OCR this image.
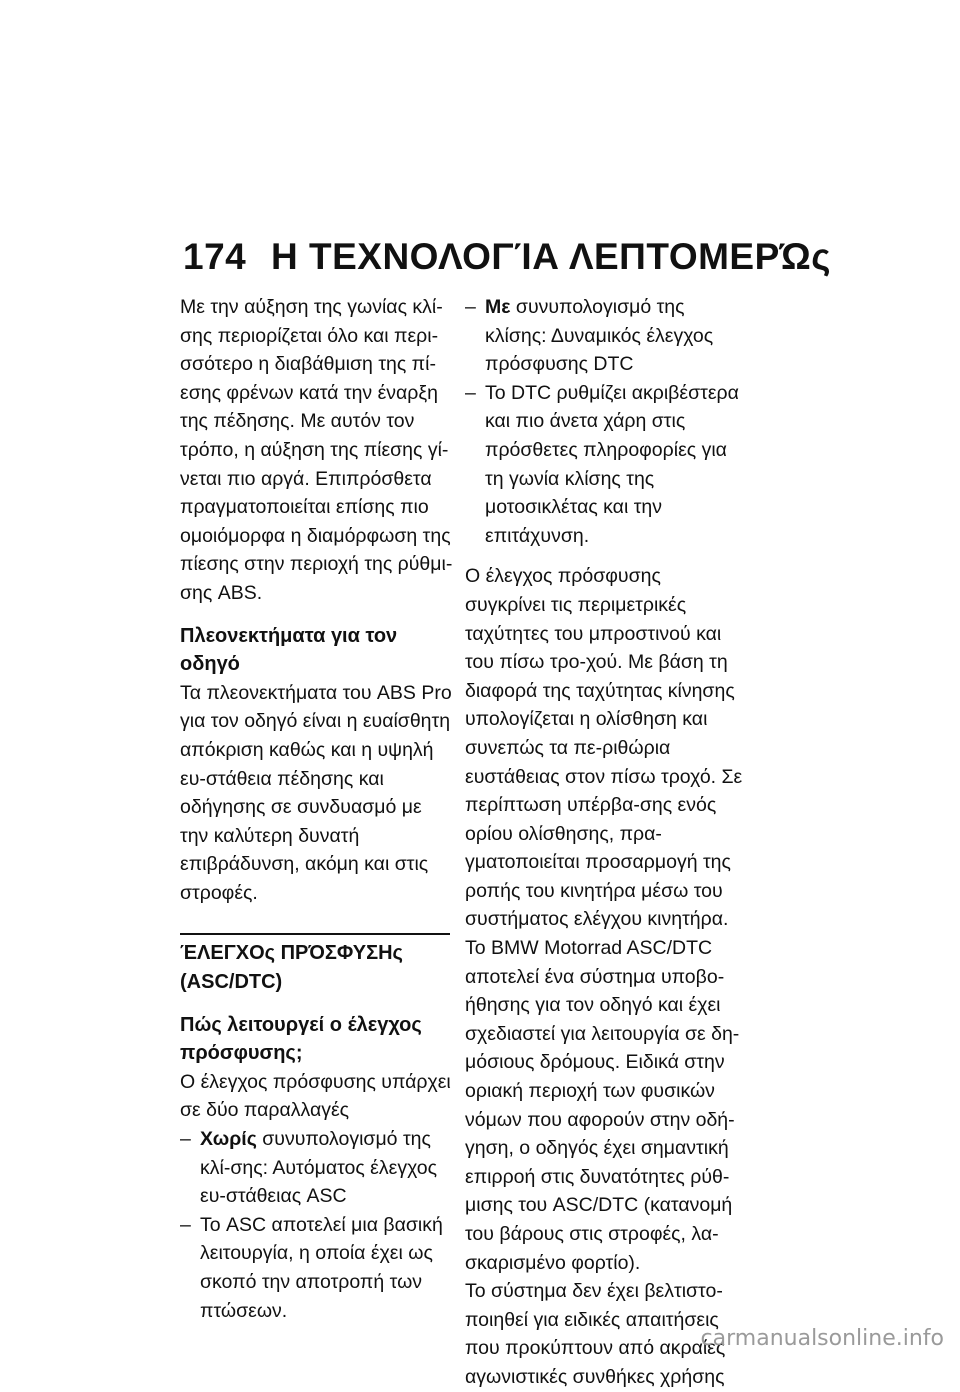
174 Η ΤΕΧΝΟΛΟΓΊΑ ΛΕΠΤΟΜΕΡΏς

Με την αύξηση της γωνίας κλί-σης περιορίζεται όλο και περι-σσότερο η διαβάθμιση της πί-εσης φρένων κατά την έναρξη της πέδησης. Με αυτόν τον τρόπο, η αύξηση της πίεσης γί-νεται πιο αργά. Επιπρόσθετα πραγματοποιείται επίσης πιο ομοιόμορφα η διαμόρφωση της πίεσης στην περιοχή της ρύθμι-σης ABS.

Πλεονεκτήματα για τον οδηγό

Τα πλεονεκτήματα του ABS Pro για τον οδηγό είναι η ευαίσθητη απόκριση καθώς και η υψηλή ευ-στάθεια πέδησης και οδήγησης σε συνδυασμό με την καλύτερη δυνατή επιβράδυνση, ακόμη και στις στροφές.

ΈΛΕΓΧΟς ΠΡΌΣΦΥΣΗς (ASC/DTC)

Πώς λειτουργεί ο έλεγχος πρόσφυσης;

Ο έλεγχος πρόσφυσης υπάρχει σε δύο παραλλαγές

– Χωρίς συνυπολογισμό της κλί-σης: Αυτόματος έλεγχος ευ-στάθειας ASC
– Το ASC αποτελεί μια βασική λειτουργία, η οποία έχει ως σκοπό την αποτροπή των πτώσεων.
– Με συνυπολογισμό της κλίσης: Δυναμικός έλεγχος πρόσφυσης DTC
– Το DTC ρυθμίζει ακριβέστερα και πιο άνετα χάρη στις πρόσθετες πληροφορίες για τη γωνία κλίσης της μοτοσικλέτας και την επιτάχυνση.

Ο έλεγχος πρόσφυσης συγκρίνει τις περιμετρικές ταχύτητες του μπροστινού και του πίσω τρο-χού. Με βάση τη διαφορά της ταχύτητας κίνησης υπολογίζεται η ολίσθηση και συνεπώς τα πε-ριθώρια ευστάθειας στον πίσω τροχό. Σε περίπτωση υπέρβα-σης ενός ορίου ολίσθησης, πρα-γματοποιείται προσαρμογή της ροπής του κινητήρα μέσω του συστήματος ελέγχου κινητήρα.

Το BMW Motorrad ASC/DTC αποτελεί ένα σύστημα υποβο-ήθησης για τον οδηγό και έχει σχεδιαστεί για λειτουργία σε δη-μόσιους δρόμους. Ειδικά στην οριακή περιοχή των φυσικών νόμων που αφορούν στην οδή-γηση, ο οδηγός έχει σημαντική επιρροή στις δυνατότητες ρύθ-μισης του ASC/DTC (κατανομή του βάρους στις στροφές, λα-σκαρισμένο φορτίο).

Το σύστημα δεν έχει βελτιστο-ποιηθεί για ειδικές απαιτήσεις που προκύπτουν από ακραίες αγωνιστικές συνθήκες χρήσης

carmanualsonline.info
